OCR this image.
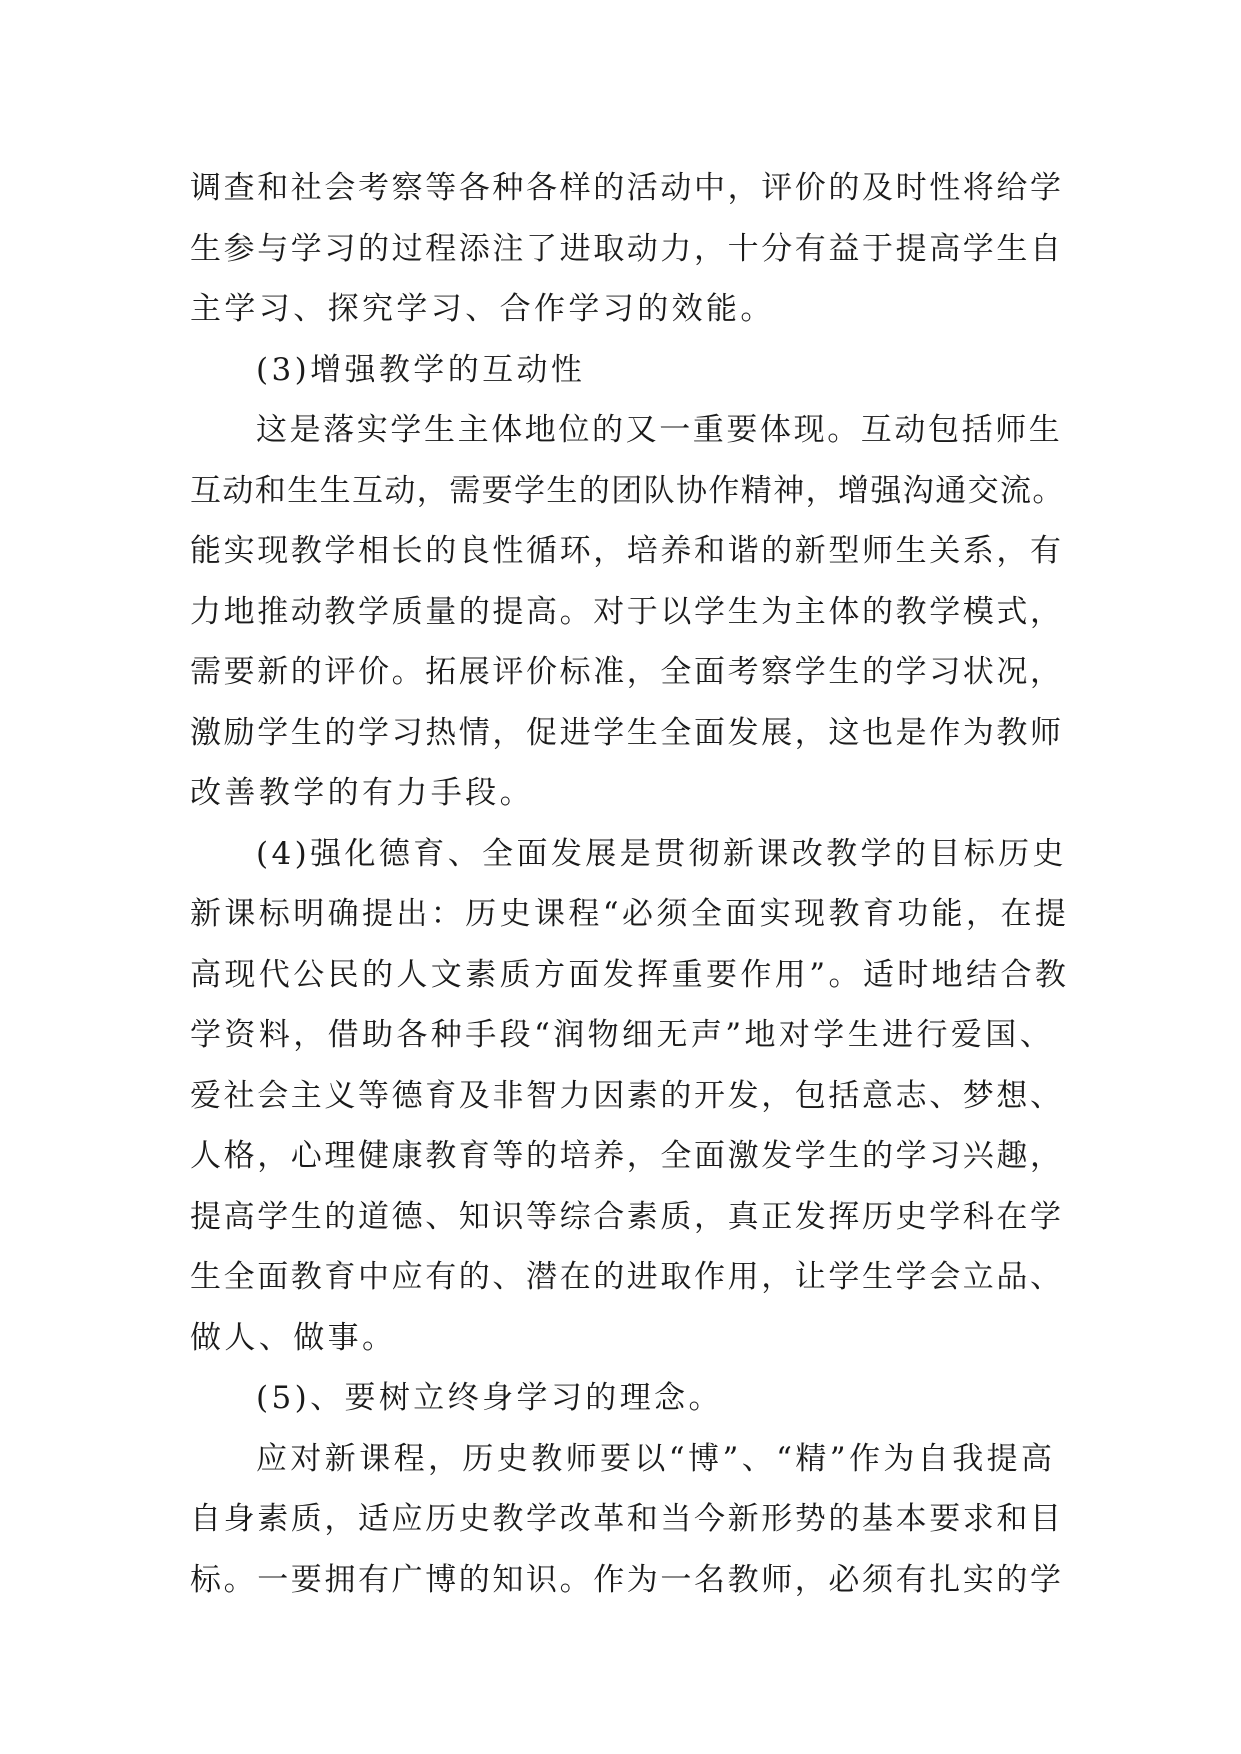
调查和社会考察等各种各样的活动中，评价的及时性将给学
生参与学习的过程添注了进取动力，十分有益于提高学生自
主学习、探究学习、合作学习的效能。
(3)增强教学的互动性
这是落实学生主体地位的又一重要体现。互动包括师生
互动和生生互动，需要学生的团队协作精神，增强沟通交流。
能实现教学相长的良性循环，培养和谐的新型师生关系，有
力地推动教学质量的提高。对于以学生为主体的教学模式，
需要新的评价。拓展评价标准，全面考察学生的学习状况，
激励学生的学习热情，促进学生全面发展，这也是作为教师
改善教学的有力手段。
(4)强化德育、全面发展是贯彻新课改教学的目标历史
新课标明确提出：历史课程“必须全面实现教育功能，在提
高现代公民的人文素质方面发挥重要作用”。适时地结合教
学资料，借助各种手段“润物细无声”地对学生进行爱国、
爱社会主义等德育及非智力因素的开发，包括意志、梦想、
人格，心理健康教育等的培养，全面激发学生的学习兴趣，
提高学生的道德、知识等综合素质，真正发挥历史学科在学
生全面教育中应有的、潜在的进取作用，让学生学会立品、
做人、做事。
(5)、要树立终身学习的理念。
应对新课程，历史教师要以“博”、“精”作为自我提高
自身素质，适应历史教学改革和当今新形势的基本要求和目
标。一要拥有广博的知识。作为一名教师，必须有扎实的学
